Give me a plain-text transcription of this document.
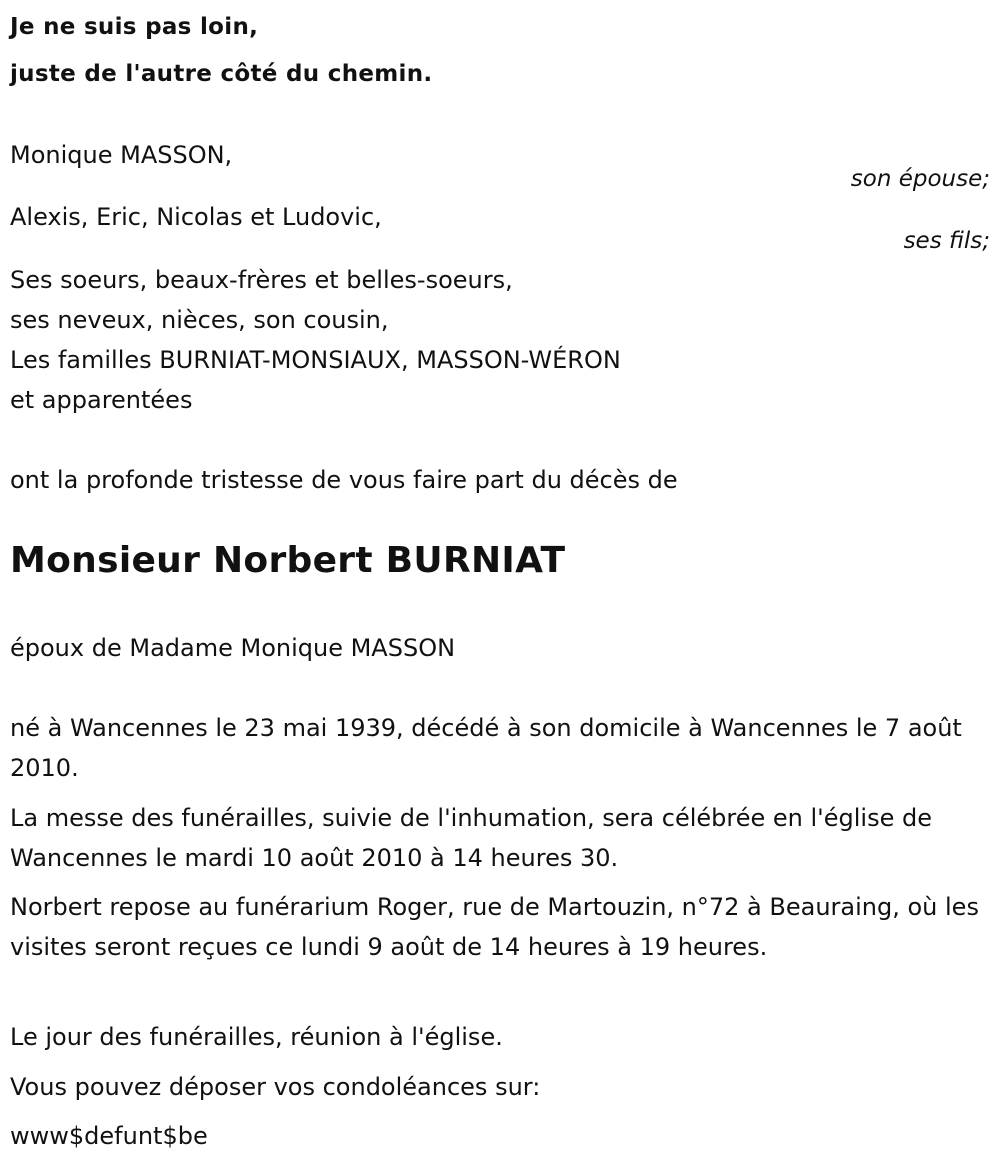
Je ne suis pas loin,
juste de l'autre côté du chemin.
Monique MASSON,
son épouse;
Alexis, Eric, Nicolas et Ludovic,
ses fils;
Ses soeurs, beaux-frères et belles-soeurs,
ses neveux, nièces, son cousin,
Les familles BURNIAT-MONSIAUX, MASSON-WÉRON
et apparentées
ont la profonde tristesse de vous faire part du décès de
Monsieur Norbert BURNIAT
époux de Madame Monique MASSON
né à Wancennes le 23 mai 1939, décédé à son domicile à Wancennes le 7 août 2010.
La messe des funérailles, suivie de l'inhumation, sera célébrée en l'église de Wancennes le mardi 10 août 2010 à 14 heures 30.
Norbert repose au funérarium Roger, rue de Martouzin, n°72 à Beauraing, où les visites seront reçues ce lundi 9 août de 14 heures à 19 heures.
Le jour des funérailles, réunion à l'église.
Vous pouvez déposer vos condoléances sur:
www$defunt$be
